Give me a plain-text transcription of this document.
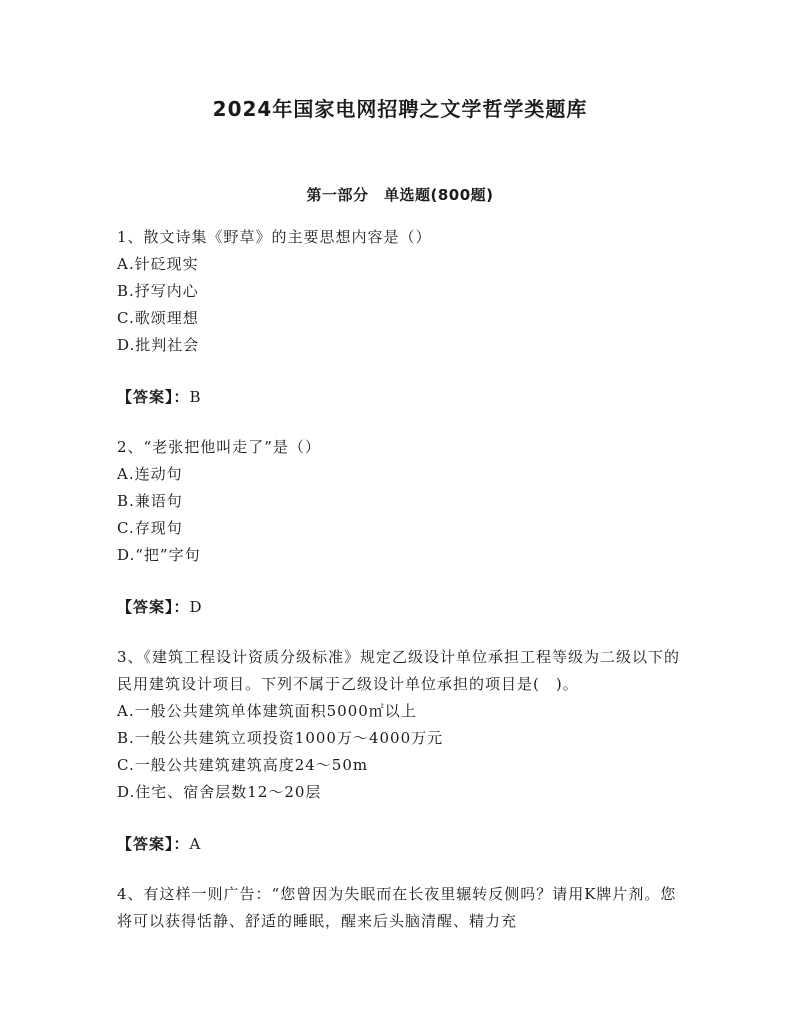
2024年国家电网招聘之文学哲学类题库
第一部分　单选题(800题)

1、散文诗集《野草》的主要思想内容是（）

A.针砭现实

B.抒写内心

C.歌颂理想

D.批判社会

【答案】：B

2、“老张把他叫走了”是（）

A.连动句

B.兼语句

C.存现句

D.“把”字句

【答案】：D

3、《建筑工程设计资质分级标准》规定乙级设计单位承担工程等级为二级以下的民用建筑设计项目。下列不属于乙级设计单位承担的项目是(　)。

A.一般公共建筑单体建筑面积5000㎡以上

B.一般公共建筑立项投资1000万～4000万元

C.一般公共建筑建筑高度24～50m

D.住宅、宿舍层数12～20层

【答案】：A

4、有这样一则广告：“您曾因为失眠而在长夜里辗转反侧吗？请用K牌片剂。您将可以获得恬静、舒适的睡眠，醒来后头脑清醒、精力充
